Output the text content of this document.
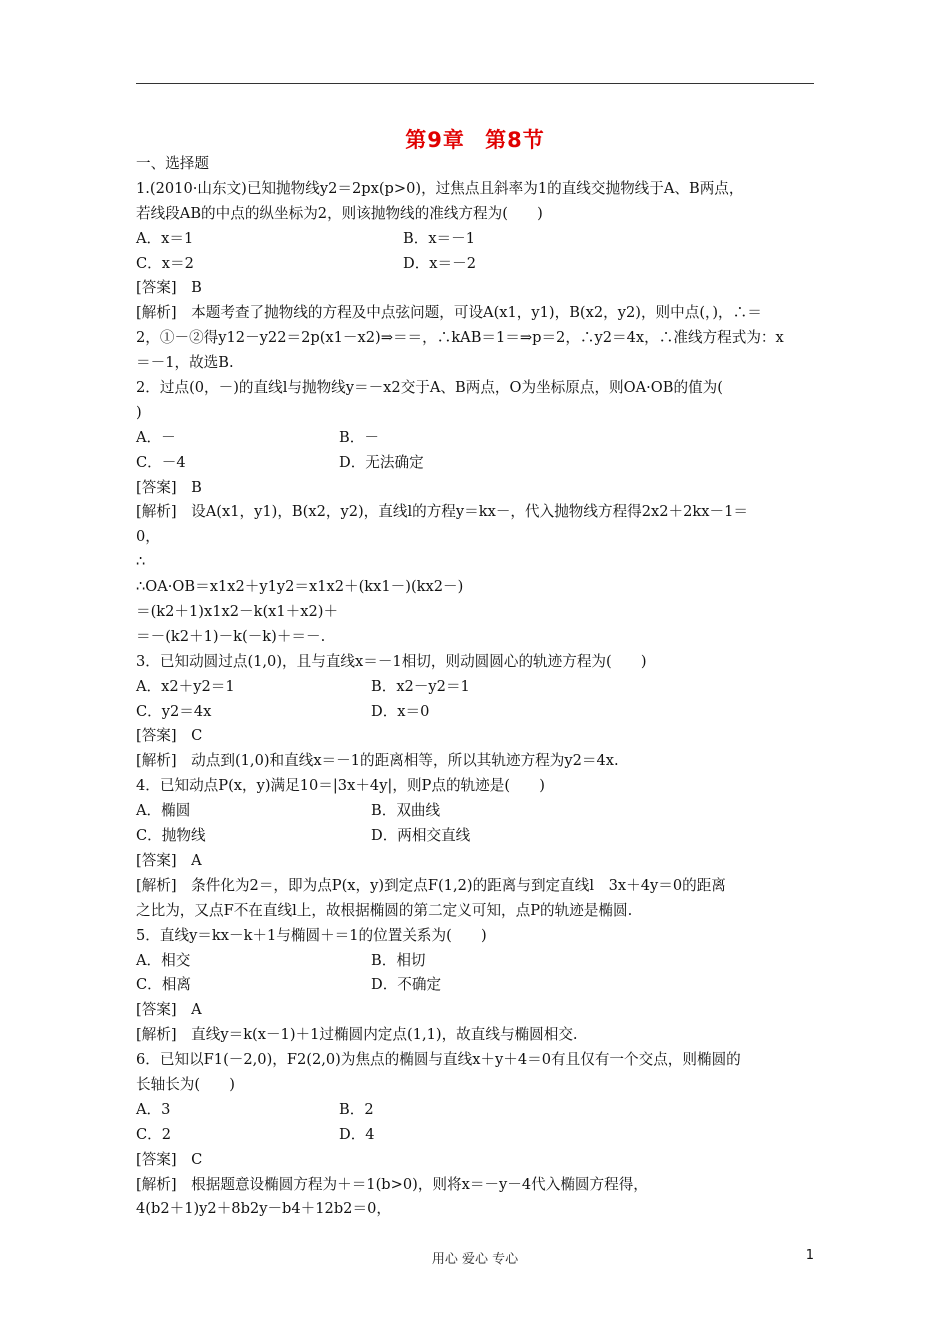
第9章 第8节
一、选择题
1.(2010·山东文)已知抛物线y2＝2px(p>0)，过焦点且斜率为1的直线交抛物线于A、B两点，
若线段AB的中点的纵坐标为2，则该抛物线的准线方程为(　　)
A．x＝1	B．x＝－1
C．x＝2	D．x＝－2
[答案]　B
[解析]　本题考查了抛物线的方程及中点弦问题，可设A(x1，y1)，B(x2，y2)，则中点(，)，∴＝
2，①－②得y12－y22＝2p(x1－x2)⇒＝＝，∴kAB＝1＝⇒p＝2，∴y2＝4x，∴准线方程式为：x
＝－1，故选B.
2．过点(0，－)的直线l与抛物线y＝－x2交于A、B两点，O为坐标原点，则OA·OB的值为(
)
A．－	B．－
C．－4	D．无法确定
[答案]　B
[解析]　设A(x1，y1)，B(x2，y2)，直线l的方程y＝kx－，代入抛物线方程得2x2＋2kx－1＝
0，
∴
∴OA·OB＝x1x2＋y1y2＝x1x2＋(kx1－)(kx2－)
＝(k2＋1)x1x2－k(x1＋x2)＋
＝－(k2＋1)－k(－k)＋＝－.
3．已知动圆过点(1,0)，且与直线x＝－1相切，则动圆圆心的轨迹方程为(　　)
A．x2＋y2＝1	B．x2－y2＝1
C．y2＝4x	D．x＝0
[答案]　C
[解析]　动点到(1,0)和直线x＝－1的距离相等，所以其轨迹方程为y2＝4x.
4．已知动点P(x，y)满足10＝|3x＋4y|，则P点的轨迹是(　　)
A．椭圆	B．双曲线
C．抛物线	D．两相交直线
[答案]　A
[解析]　条件化为2＝，即为点P(x，y)到定点F(1,2)的距离与到定直线l　3x＋4y＝0的距离
之比为，又点F不在直线l上，故根据椭圆的第二定义可知，点P的轨迹是椭圆.
5．直线y＝kx－k＋1与椭圆＋＝1的位置关系为(　　)
A．相交	B．相切
C．相离	D．不确定
[答案]　A
[解析]　直线y＝k(x－1)＋1过椭圆内定点(1,1)，故直线与椭圆相交.
6．已知以F1(－2,0)，F2(2,0)为焦点的椭圆与直线x＋y＋4＝0有且仅有一个交点，则椭圆的
长轴长为(　　)
A．3	B．2
C．2	D．4
[答案]　C
[解析]　根据题意设椭圆方程为＋＝1(b>0)，则将x＝－y－4代入椭圆方程得，
4(b2＋1)y2＋8b2y－b4＋12b2＝0，
用心 爱心 专心	1
